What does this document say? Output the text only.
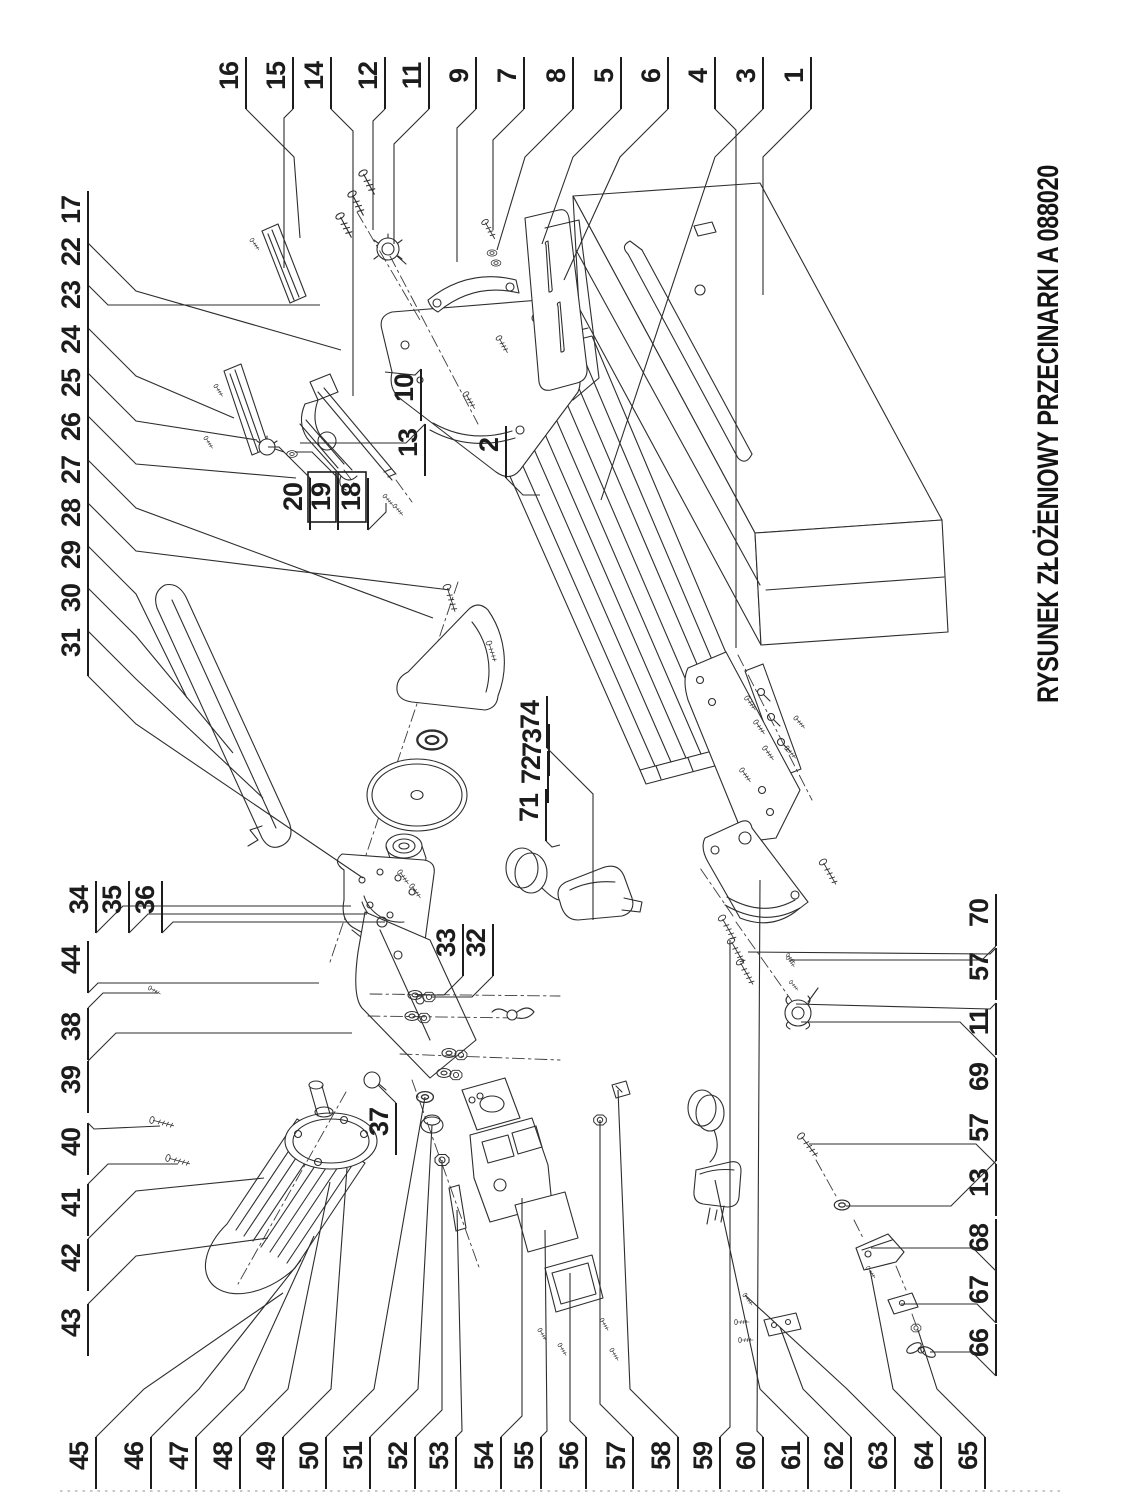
RYSUNEK ZŁOŻENIOWY PRZECINARKI A 088020
16 15 14 12 11 9 7 8 5 6 4 3 1
17
22
23
24
25
26
27
28
29
30
31
34 35 36
44
38
39
40
41
42
43
45 46 47 48 49 50 51 52 53 54 55 56 57 58 59 60 61 62 63 64 65
66
67
68
13
57
69
11
57
70
10
13 2
20
19 18
71
72
73
74
33 32
37
